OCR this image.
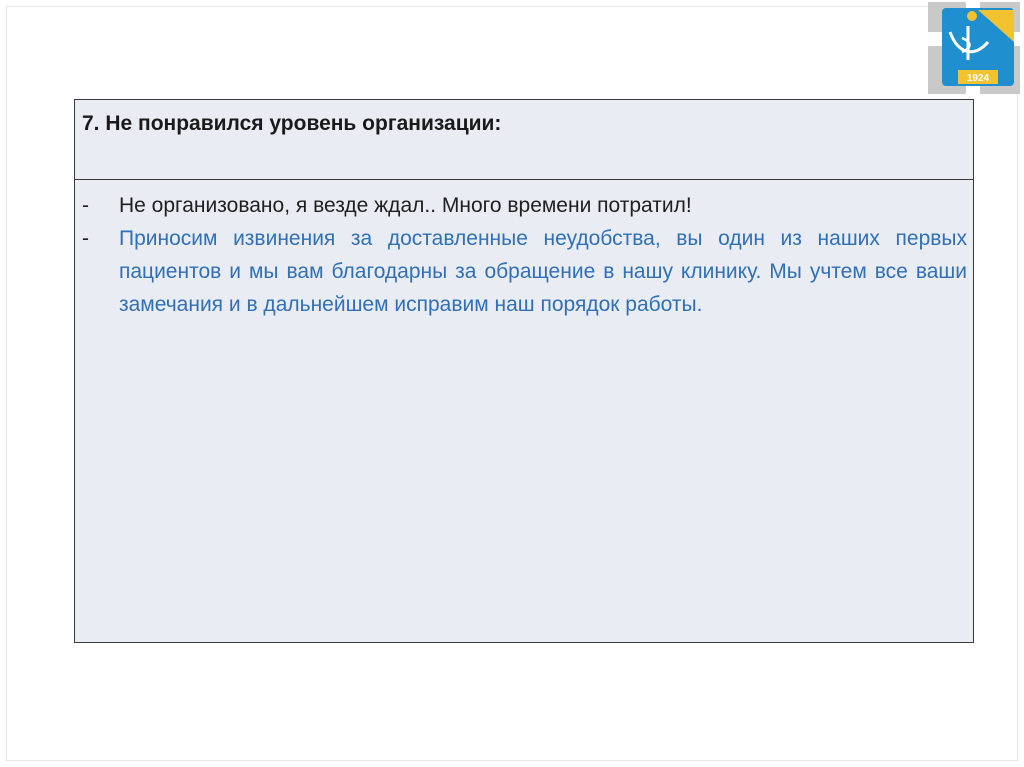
1924

7. Не понравился уровень организации:

-	Не организовано, я везде ждал.. Много времени потратил!
-	Приносим извинения за доставленные неудобства, вы один из наших первых пациентов и мы вам благодарны за обращение в нашу клинику. Мы учтем все ваши замечания и в дальнейшем исправим наш порядок работы.
